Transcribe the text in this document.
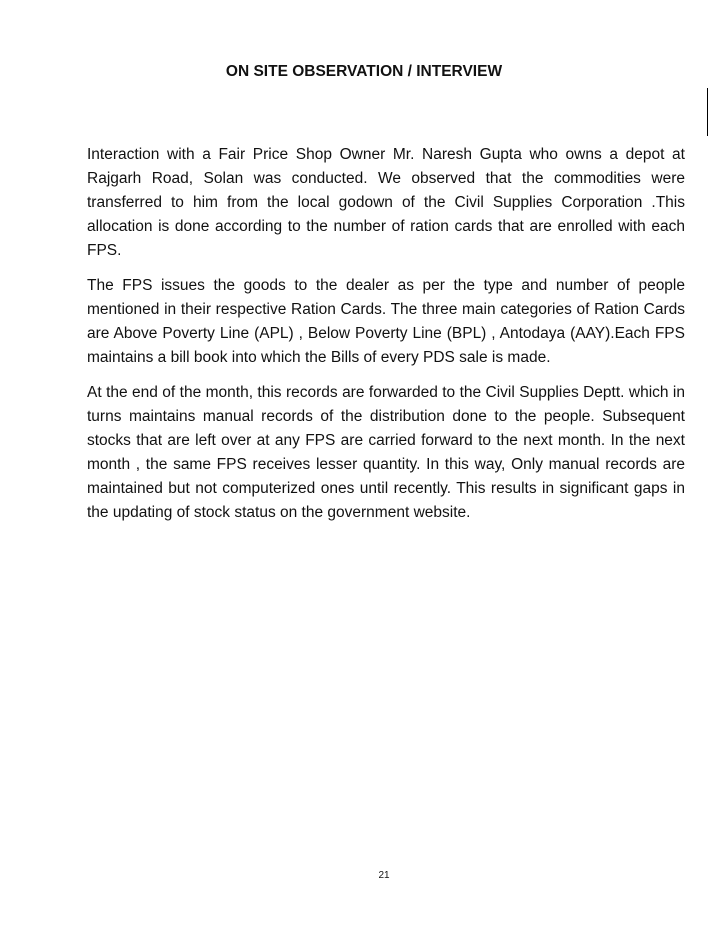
ON SITE OBSERVATION / INTERVIEW

Interaction with a Fair Price Shop Owner Mr. Naresh Gupta who owns a depot at Rajgarh Road, Solan was conducted. We observed that the commodities were transferred to him from the local godown of the Civil Supplies Corporation .This allocation is done according to the number of ration cards that are enrolled with each FPS.

The FPS issues the goods to the dealer as per the type and number of people mentioned in their respective Ration Cards. The three main categories of Ration Cards are Above Poverty Line (APL) , Below Poverty Line (BPL) , Antodaya (AAY).Each FPS maintains a bill book into which the Bills of every PDS sale is made.

At the end of the month, this records are forwarded to the Civil Supplies Deptt. which in turns maintains manual records of the distribution done to the people. Subsequent stocks that are left over at any FPS are carried forward to the next month. In the next month , the same FPS receives lesser quantity. In this way, Only manual records are maintained but not computerized ones until recently. This results in significant gaps in the updating of stock status on the government website.

21
